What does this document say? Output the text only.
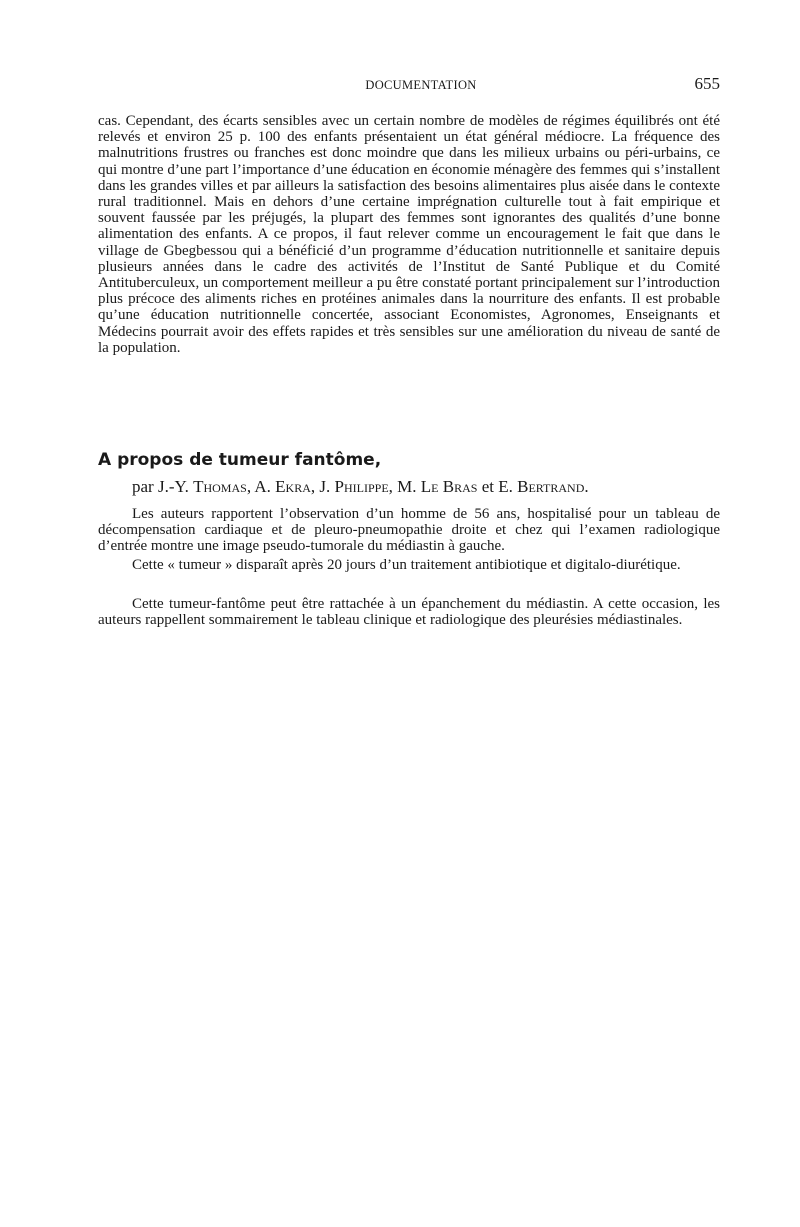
DOCUMENTATION	655

cas. Cependant, des écarts sensibles avec un certain nombre de modèles de régimes équilibrés ont été relevés et environ 25 p. 100 des enfants présentaient un état général médiocre. La fréquence des malnutritions frustres ou franches est donc moindre que dans les milieux urbains ou péri-urbains, ce qui montre d’une part l’importance d’une éducation en économie ménagère des femmes qui s’installent dans les grandes villes et par ailleurs la satisfaction des besoins alimentaires plus aisée dans le contexte rural traditionnel. Mais en dehors d’une certaine imprégnation culturelle tout à fait empirique et souvent faussée par les préjugés, la plupart des femmes sont ignorantes des qualités d’une bonne alimentation des enfants. A ce propos, il faut relever comme un encouragement le fait que dans le village de Gbegbessou qui a bénéficié d’un programme d’éducation nutritionnelle et sanitaire depuis plusieurs années dans le cadre des activités de l’Institut de Santé Publique et du Comité Antituberculeux, un comportement meilleur a pu être constaté portant principalement sur l’introduction plus précoce des aliments riches en protéines animales dans la nourriture des enfants. Il est probable qu’une éducation nutritionnelle concertée, associant Economistes, Agronomes, Enseignants et Médecins pourrait avoir des effets rapides et très sensibles sur une amélioration du niveau de santé de la population.

A propos de tumeur fantôme,

par J.-Y. Thomas, A. Ekra, J. Philippe, M. Le Bras et E. Bertrand.

Les auteurs rapportent l’observation d’un homme de 56 ans, hospitalisé pour un tableau de décompensation cardiaque et de pleuro-pneumopathie droite et chez qui l’examen radiologique d’entrée montre une image pseudo-tumorale du médiastin à gauche.

Cette « tumeur » disparaît après 20 jours d’un traitement antibiotique et digitalo-diurétique.

Cette tumeur-fantôme peut être rattachée à un épanchement du médiastin. A cette occasion, les auteurs rappellent sommairement le tableau clinique et radiologique des pleurésies médiastinales.
